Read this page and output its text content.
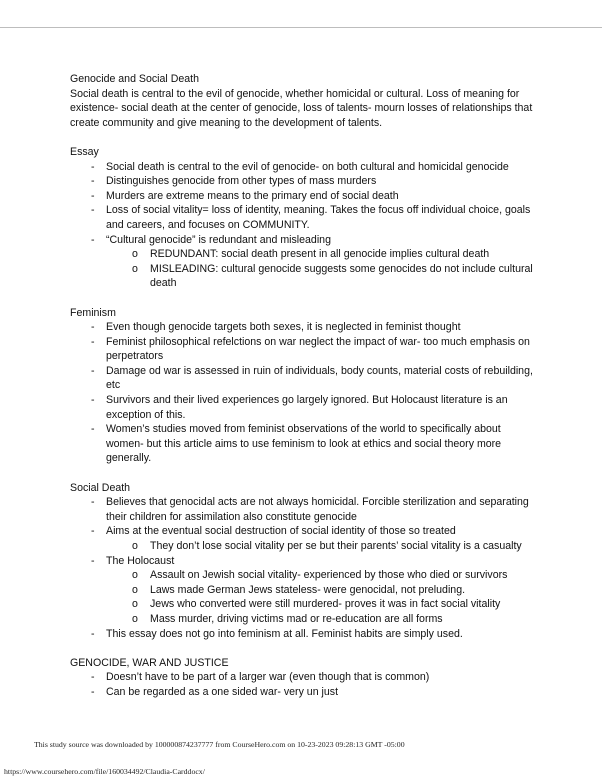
Genocide and Social Death

Social death is central to the evil of genocide, whether homicidal or cultural. Loss of meaning for existence- social death at the center of genocide, loss of talents- mourn losses of relationships that create community and give meaning to the development of talents.

Essay

- Social death is central to the evil of genocide- on both cultural and homicidal genocide
- Distinguishes genocide from other types of mass murders
- Murders are extreme means to the primary end of social death
- Loss of social vitality= loss of identity, meaning. Takes the focus off individual choice, goals and careers, and focuses on COMMUNITY.
- “Cultural genocide” is redundant and misleading
o REDUNDANT: social death present in all genocide implies cultural death
o MISLEADING: cultural genocide suggests some genocides do not include cultural death

Feminism

- Even though genocide targets both sexes, it is neglected in feminist thought
- Feminist philosophical refelctions on war neglect the impact of war- too much emphasis on perpetrators
- Damage od war is assessed in ruin of individuals, body counts, material costs of rebuilding, etc
- Survivors and their lived experiences go largely ignored. But Holocaust literature is an exception of this.
- Women’s studies moved from feminist observations of the world to specifically about women- but this article aims to use feminism to look at ethics and social theory more generally.

Social Death

- Believes that genocidal acts are not always homicidal. Forcible sterilization and separating their children for assimilation also constitute genocide
- Aims at the eventual social destruction of social identity of those so treated
o They don’t lose social vitality per se but their parents’ social vitality is a casualty
- The Holocaust
o Assault on Jewish social vitality- experienced by those who died or survivors
o Laws made German Jews stateless- were genocidal, not preluding.
o Jews who converted were still murdered- proves it was in fact social vitality
o Mass murder, driving victims mad or re-education are all forms
- This essay does not go into feminism at all. Feminist habits are simply used.

GENOCIDE, WAR AND JUSTICE

- Doesn’t have to be part of a larger war (even though that is common)
- Can be regarded as a one sided war- very un just
This study source was downloaded by 100000874237777 from CourseHero.com on 10-23-2023 09:28:13 GMT -05:00
https://www.coursehero.com/file/160034492/Claudia-Carddocx/
